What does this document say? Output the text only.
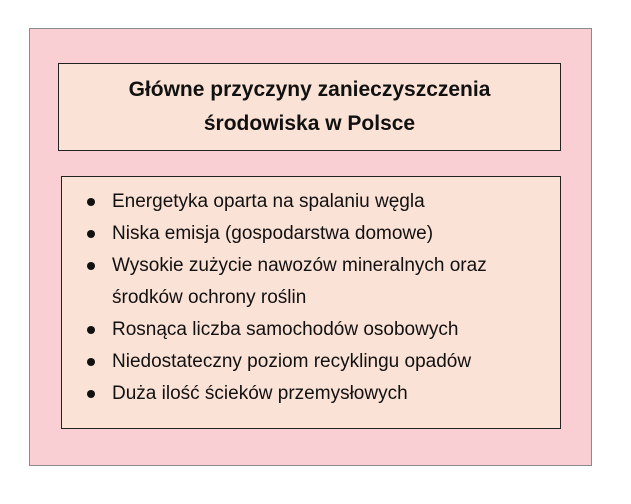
Główne przyczyny zanieczyszczenia
środowiska w Polsce
Energetyka oparta na spalaniu węgla
Niska emisja (gospodarstwa domowe)
Wysokie zużycie nawozów mineralnych oraz środków ochrony roślin
Rosnąca liczba samochodów osobowych
Niedostateczny poziom recyklingu opadów
Duża ilość ścieków przemysłowych
